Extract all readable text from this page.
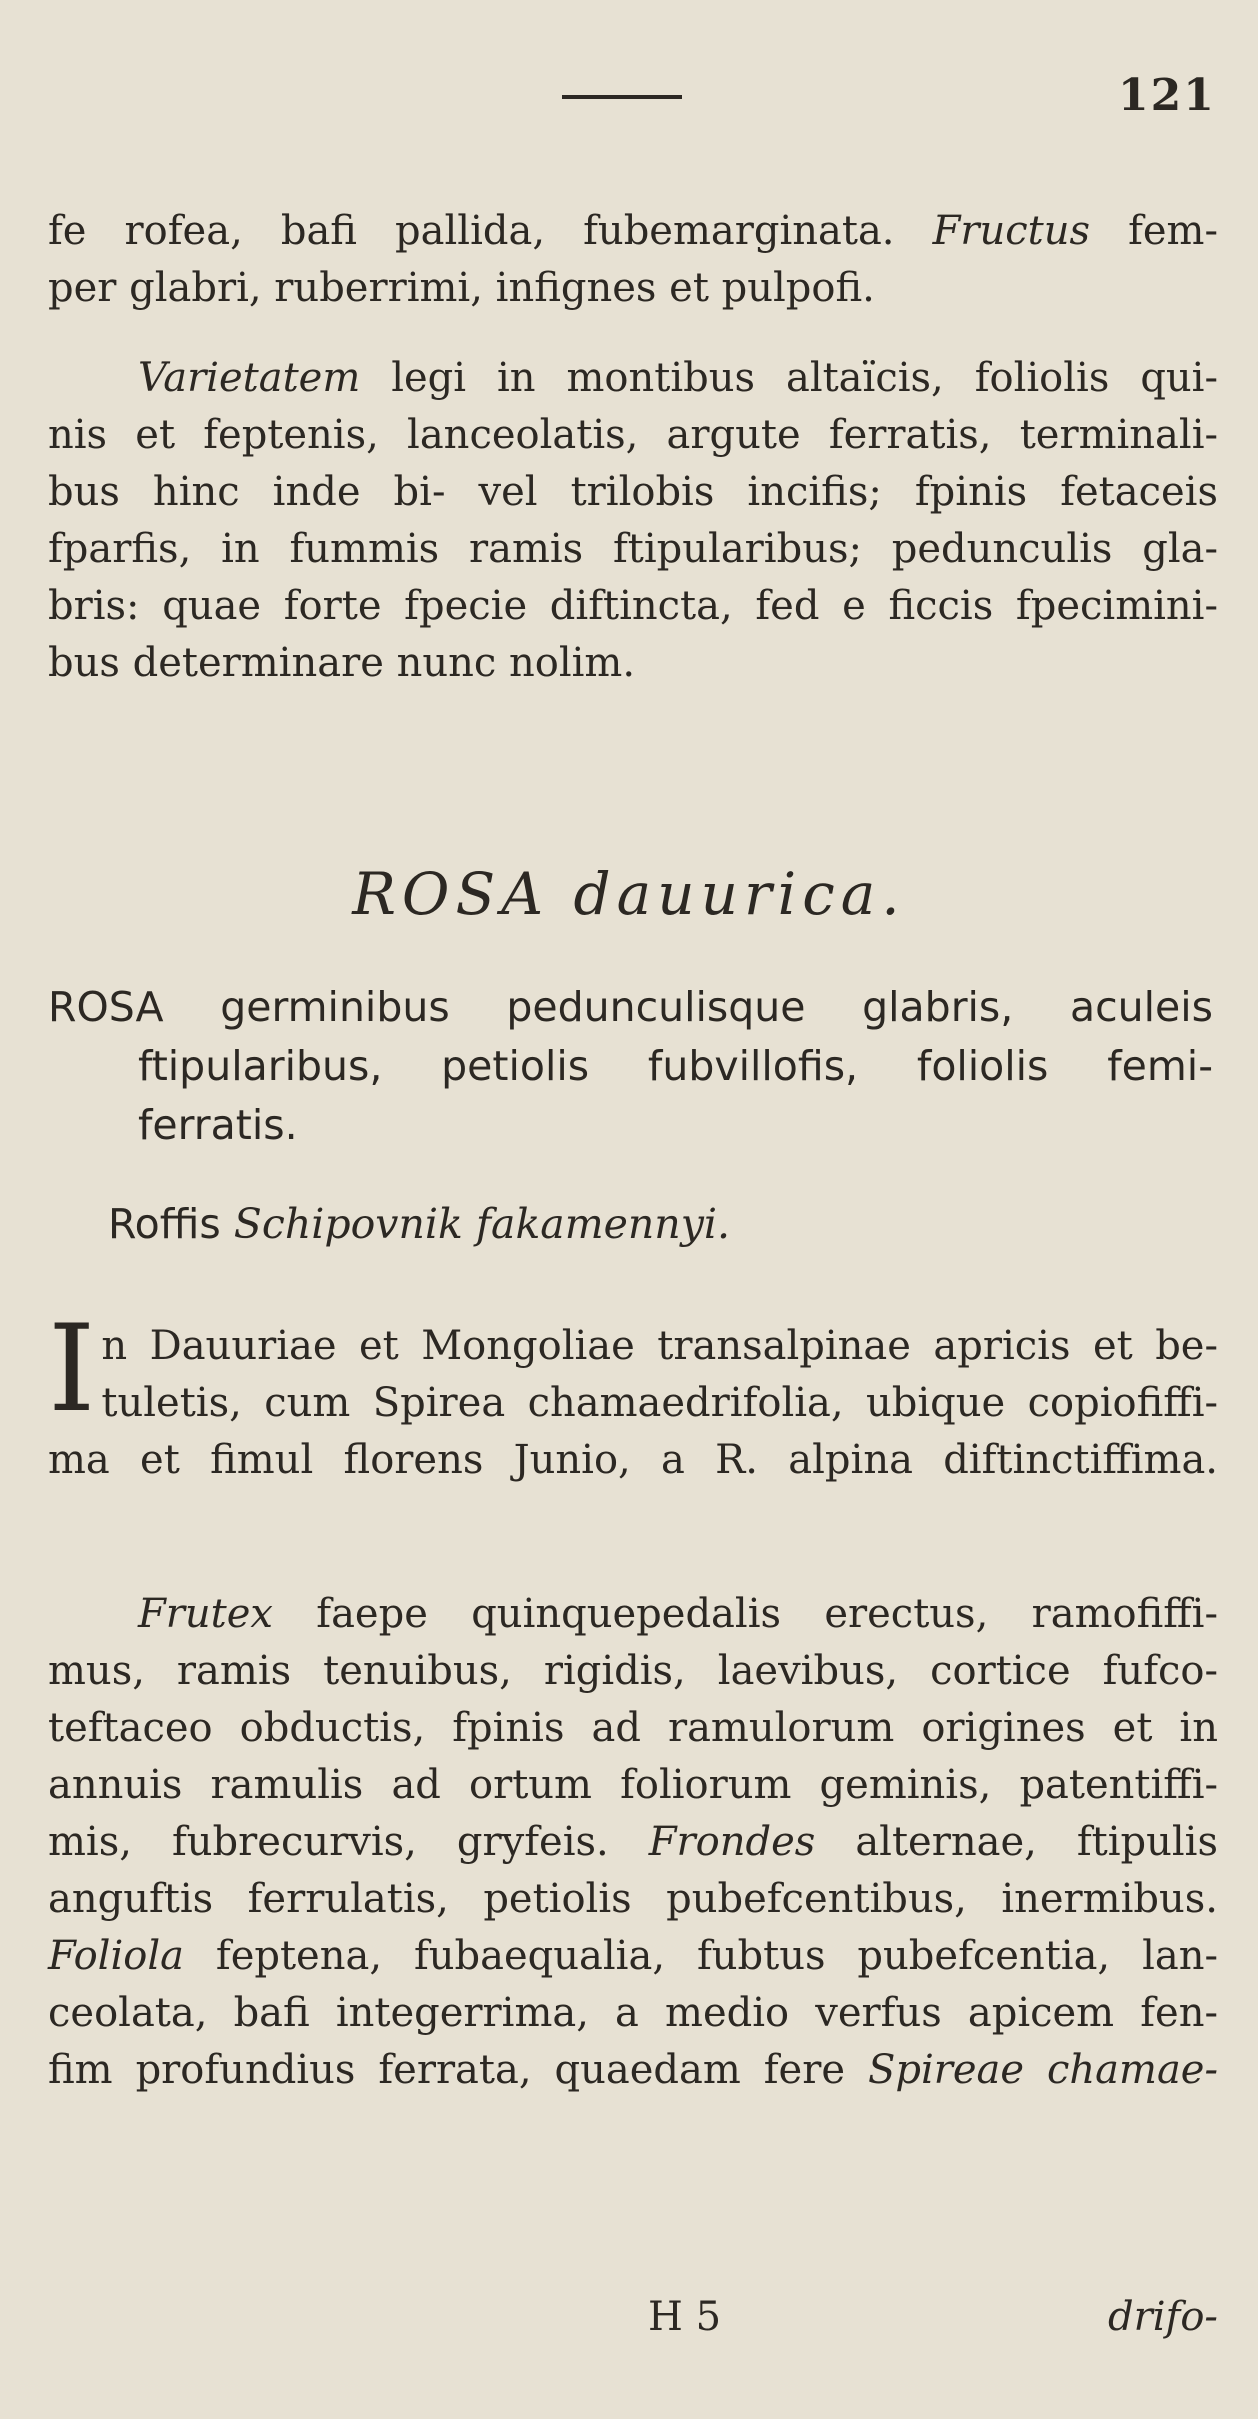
121

fe rofea, bafi pallida, fubemarginata. Fructus fem-

per glabri, ruberrimi, infignes et pulpofi.

Varietatem legi in montibus altaïcis, foliolis qui-

nis et feptenis, lanceolatis, argute ferratis, terminali-

bus hinc inde bi- vel trilobis incifis; fpinis fetaceis

fparfis, in fummis ramis ftipularibus; pedunculis gla-

bris: quae forte fpecie diftincta, fed e ficcis fpecimini-

bus determinare nunc nolim.

ROSA dauurica.

ROSA germinibus pedunculisque glabris, aculeis

ftipularibus, petiolis fubvillofis, foliolis femi-

ferratis.

Roffis Schipovnik fakamennyi.
I n Dauuriae et Mongoliae transalpinae apricis et be-

tuletis, cum Spirea chamaedrifolia, ubique copiofiffi-

ma et fimul florens Junio, a R. alpina diftinctiffima.

Frutex faepe quinquepedalis erectus, ramofiffi-

mus, ramis tenuibus, rigidis, laevibus, cortice fufco-

teftaceo obductis, fpinis ad ramulorum origines et in

annuis ramulis ad ortum foliorum geminis, patentiffi-

mis, fubrecurvis, gryfeis. Frondes alternae, ftipulis

anguftis ferrulatis, petiolis pubefcentibus, inermibus.

Foliola feptena, fubaequalia, fubtus pubefcentia, lan-

ceolata, bafi integerrima, a medio verfus apicem fen-

fim profundius ferrata, quaedam fere Spireae chamae-

H 5	drifo-
